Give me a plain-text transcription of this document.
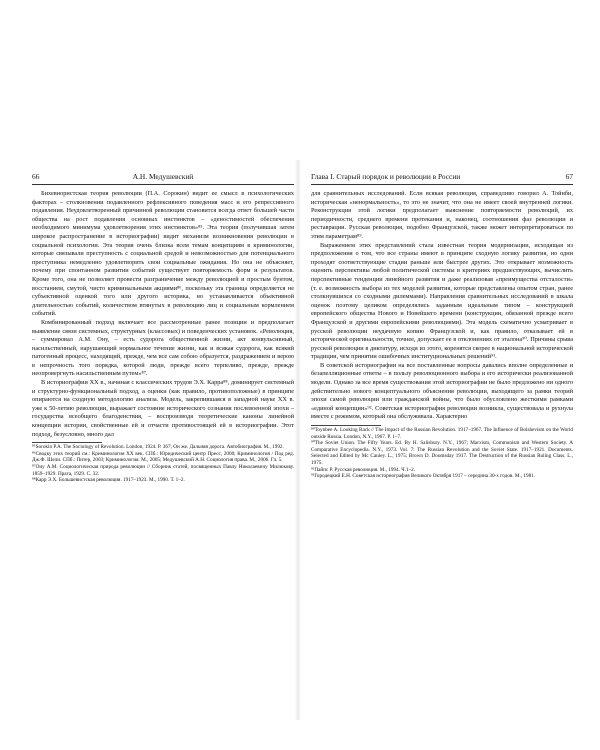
66	А.Н. Медушевский

Бихевиористская теория революции (П.А. Сорокин) видит ее смысл в психологических факторах – столкновении подавленного рефлексивного поведения масс и его репрессивного подавления. Неудовлетворенный причинной революции становится всегда ответ большей части общества на рост подавления основных инстинктов – «деностимостей обеспечения необходимого минимума удовлетворения этих инстинктов»⁸⁵. Эта теория (получившая затем широкое распространение в историографии) видит механизм возникновения революции в социальной психологии. Эта теория очень близка всем темам концепциям в криминологии, которые связывали преступность с социальной средой и невозможностью для потенциального преступника немедленно удовлетворить свои социальные ожидания. Но она не объясняет, почему при спонтанном развитии событий существует повторяемость форм и результатов. Кроме того, она не позволяет провести разграничение между революцией и простым бунтом, восстанием, смутой, чисто криминальными акциями⁸⁶, поскольку эта граница определяется не субъективной оценкой того или другого историка, но устанавливается объективной длительностью событий, количеством втянутых в революцию лиц и социальным кормлением событий.

Комбинированный подход включает все рассмотренные ранее позиции и предполагает выявление связи системных, структурных (классовых) и поведенческих установок. «Революция, – суммировал А.М. Ону, – есть судорога общественной жизни, акт конвульсивный, насильственный, нарушающий нормальное течение жизни, как и всякая судорога, как всякий патогенный процесс, находящий, прежде, чем все сам собою образуется, раздражением и верою в непрочность того порядка, которой люди, прежде всего терпеливо, прежде, прежде неопровергнуть насильственным путем»⁸⁷.

В историографии XX в., начиная с классических трудов Э.Х. Карра⁸⁸, доминирует системный и структурно-функциональный подход, а оценки (как правило, противоположные) в принципе опираются на сходную методологию анализа. Модель, закрепившаяся в западной науке XX в. уже к 50-летию революции, выражает состояние исторического сознания послевоенной эпохи – государства всеобщего благоденствия, – воспроизводя теоретические каноны линейной концепции истории, свойственные ей и отчасти противостоящей ей в историографии. Этот подход, безусловно, много дал

⁸⁵Sorokin P.A. The Sociology of Revolution. London, 1924. P. 367; Он же. Дальняя дорога. Автобиография. М., 1992.

⁸⁶Сводку этих теорий см.: Криминология XX век. СПб.: Юридический центр Пресс, 2000; Криминология / Под ред. Дж.Ф. Шели. СПб.: Питер, 2003; Криминология. М., 2005; Медушевский А.Н. Социология права. М., 2006. Гл. 5.

⁸⁷Ону А.М. Социологическая природа революции // Сборник статей, посвященных Павлу Николаевичу Милюкову. 1859–1929. Прага, 1929. С. 32.

⁸⁸Карр Э.Х. Большевистская революция. 1917–1923. М., 1990. Т. 1–2.

Глава I. Старый порядок и революции в России	67

для сравнительных исследований. Если всякая революция, справедливо говорил А. Тойнби, историческая «ненормальность», то это не значит, что она не имеет своей внутренней логики. Реконструкция этой логики предполагает выяснение повторяемости революций, их периодичности, среднего времени протекания и, наконец, соотношения фаз революции и реставрации. Русская революция, подобно Французской, также может интерпретироваться по этим параметрам⁸⁹.

Выражением этих представлений стала известная теория модернизации, исходящая из предположения о том, что все страны имеют в принципе сходную логику развития, но одни проходят соответствующие стадии раньше или быстрее других. Это открывает возможность оценить перспективы любой политической системы в критериях предшествующих, вычислить перспективные тенденции линейного развития и даже реализовав «преимущества отсталости» (т. е. возможность выбора из тех моделей развития, которые представлены опытом стран, ранее столкнувшихся со сходными дилеммами). Направления сравнительных исследований в шкала оценок поэтому целиком определялись заданным идеальным типом – конструкцией европейского общества Нового и Новейшего времени (конструкции, обязанной прежде всего Французской и другими европейскими революциями). Эта модель схематично усматривает в русской революции неудачную копию Французской и, как правило, отказывает ей в исторической оригинальности, точнее, допускает ее в отклонениях от эталона⁹⁰. Причины срыва русской революции в диктатуру, исходя из этого, коренятся скорее в национальной исторической традиции, чем принятии ошибочных институциональных решений⁹¹.

В советской историографии на все поставленные вопросы давались вполне определенные и безапелляционные ответы – в пользу революционного выбора и его исторически реализованной модели. Однако за все время существования этой историографии не было предложено ни одного действительно нового концептуального объяснения революции, выходящего за рамки теорий эпохи самой революции или гражданской войны, что было обусловлено жесткими рамками «единой концепции»⁹². Советская историография революции возникла, существовала и рухнула вместе с режимом, который она обслуживала. Характерно

⁸⁹Toynbee A. Looking Back // The Impact of the Russian Revolution. 1917–1967. The Influence of Bolshevism on the World outside Russia. London, N.Y., 1967. P. 1–7.

⁹⁰The Soviet Union. The Fifty Years. Ed. By H. Salisbury. N.Y., 1967; Marxism, Communism and Western Society. A Comparative Encyclopedia. N.Y., 1973. Vol. 7: The Russian Revolution and the Soviet State. 1917–1921. Documents. Selected and Edited by Mc Cauley. L., 1975; Brown D. Doomsday 1917. The Destruction of the Russian Ruling Class. L., 1975.

⁹¹Пайпс Р. Русская революция. М., 1994. Ч.1–2.

⁹²Городецкий Е.Н. Советская историография Великого Октября 1917 – середина 30-х годов. М., 1981.
